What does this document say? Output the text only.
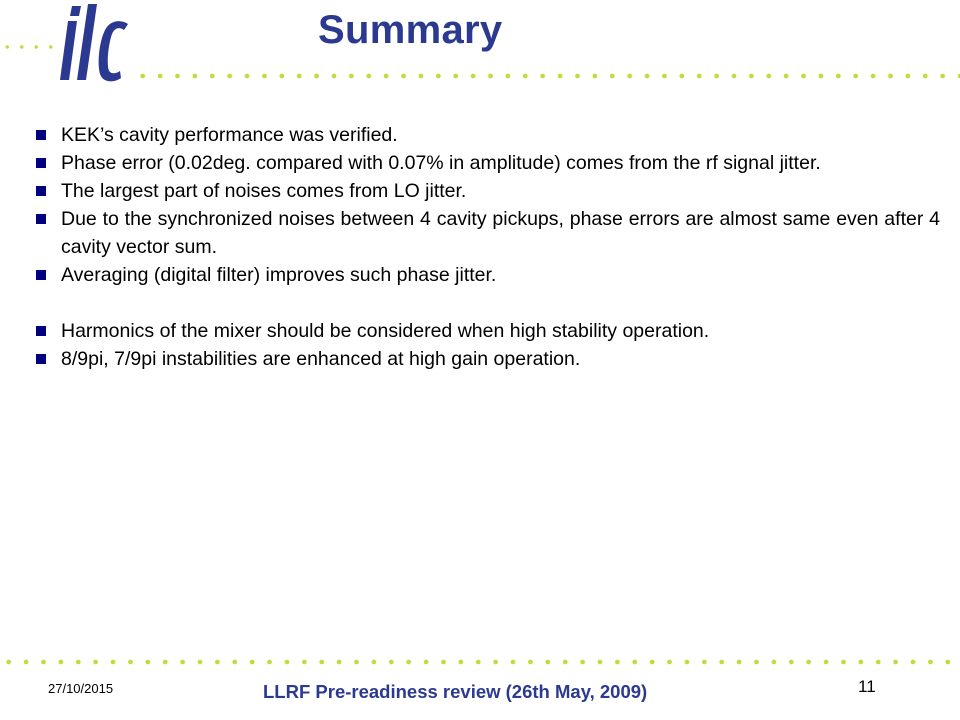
Summary
KEK’s cavity performance was verified.
Phase error (0.02deg. compared with 0.07% in amplitude) comes from the rf signal jitter.
The largest part of noises comes from LO jitter.
Due to the synchronized noises between 4 cavity pickups, phase errors are almost same even after 4 cavity vector sum.
Averaging (digital filter) improves such phase jitter.
Harmonics of the mixer should be considered when high stability operation.
8/9pi, 7/9pi instabilities are enhanced at high gain operation.
27/10/2015	LLRF Pre-readiness review (26th May, 2009)	11
